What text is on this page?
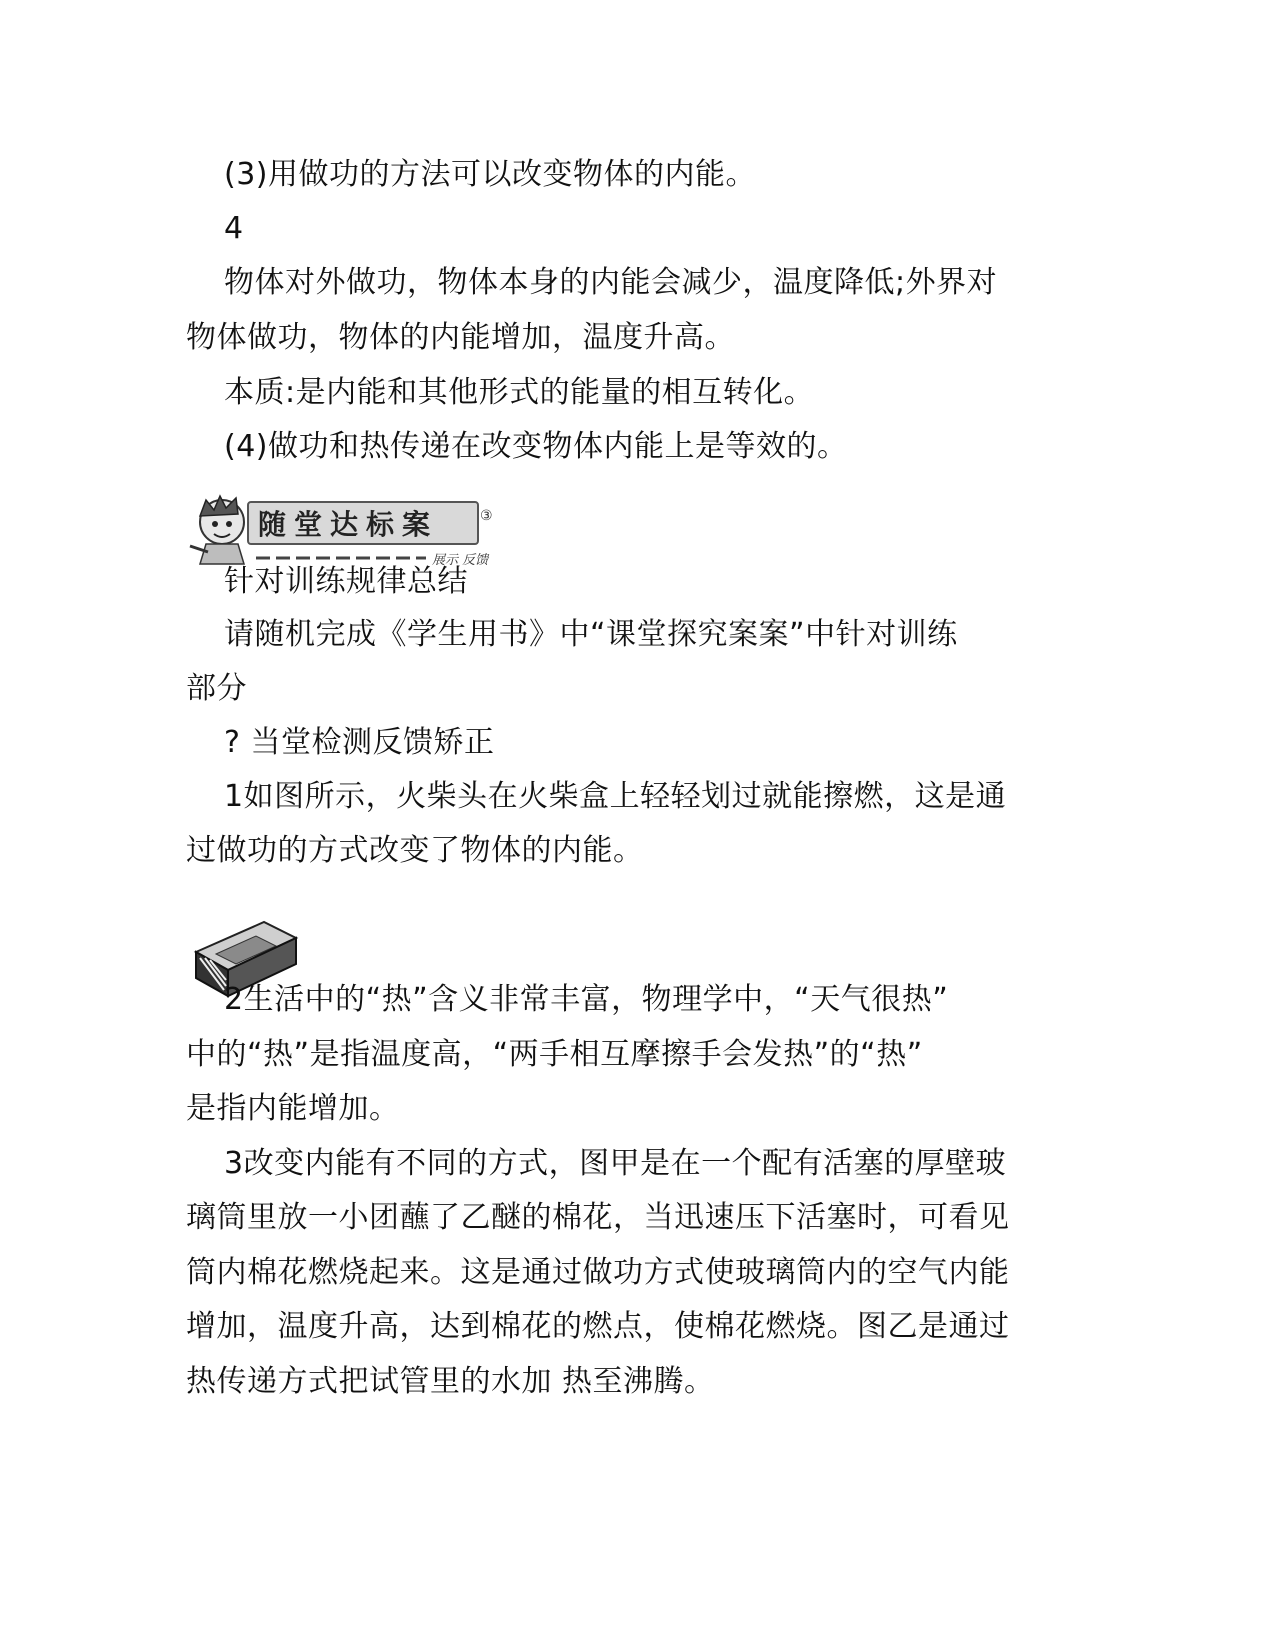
(3)用做功的方法可以改变物体的内能。

4

物体对外做功，物体本身的内能会减少，温度降低;外界对

物体做功，物体的内能增加，温度升高。

本质:是内能和其他形式的能量的相互转化。

(4)做功和热传递在改变物体内能上是等效的。

随堂达标案	③
展示 反馈

针对训练规律总结

请随机完成《学生用书》中“课堂探究案案”中针对训练

部分

? 当堂检测反馈矫正

1如图所示，火柴头在火柴盒上轻轻划过就能擦燃，这是通

过做功的方式改变了物体的内能。

2生活中的“热”含义非常丰富，物理学中，“天气很热”

中的“热”是指温度高，“两手相互摩擦手会发热”的“热”

是指内能增加。

3改变内能有不同的方式，图甲是在一个配有活塞的厚壁玻

璃筒里放一小团蘸了乙醚的棉花，当迅速压下活塞时，可看见

筒内棉花燃烧起来。这是通过做功方式使玻璃筒内的空气内能

增加，温度升高，达到棉花的燃点，使棉花燃烧。图乙是通过

热传递方式把试管里的水加 热至沸腾。
